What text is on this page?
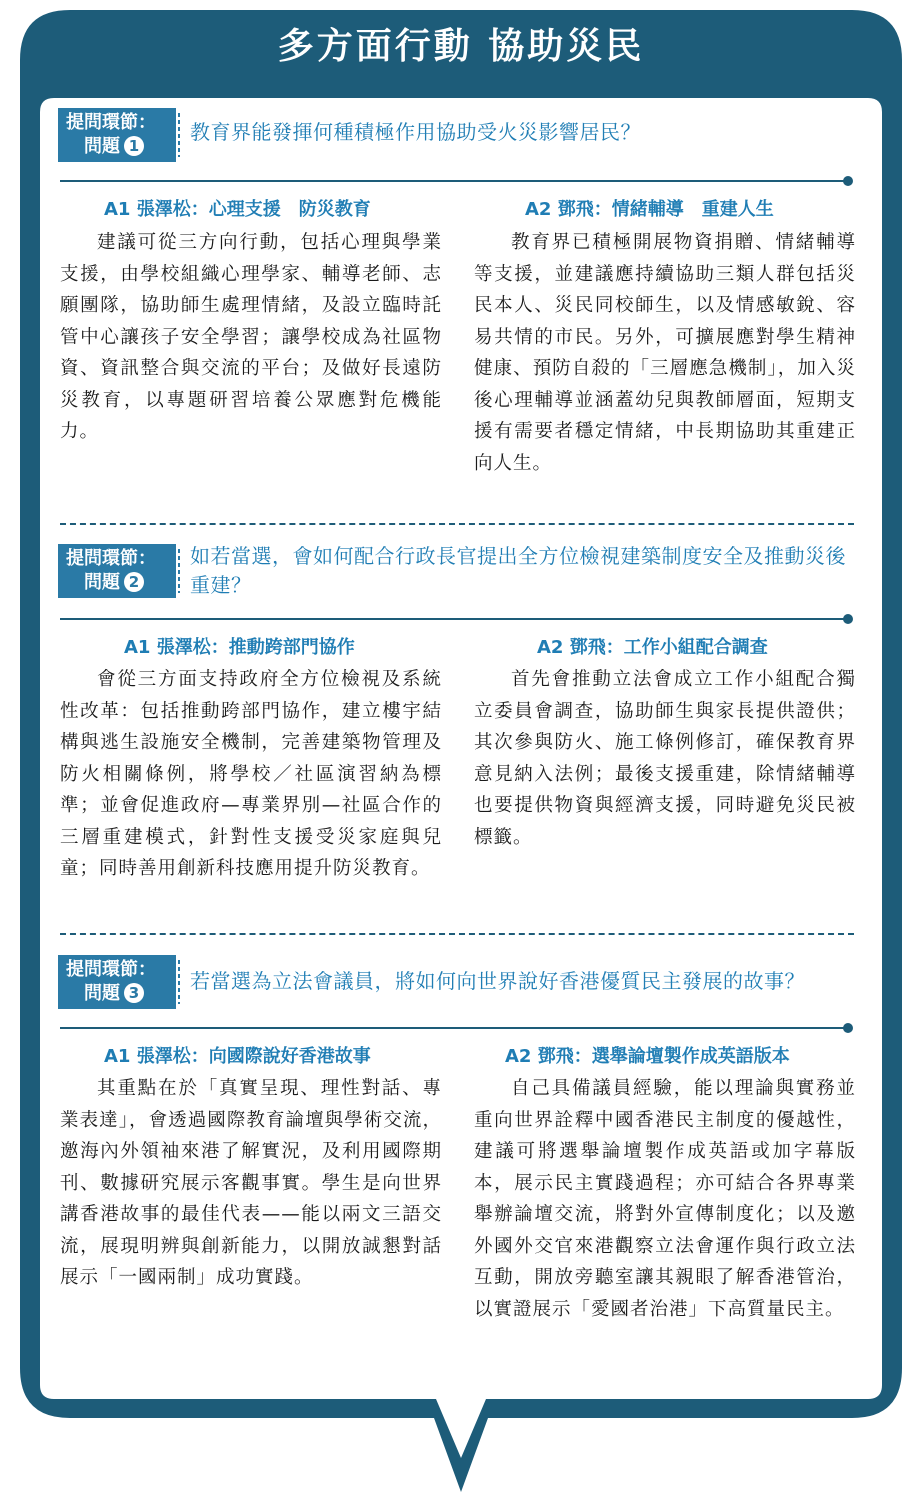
多方面行動 協助災民
提問環節：
問題 1
教育界能發揮何種積極作用協助受火災影響居民？
A1 張澤松：心理支援　防災教育	A2 鄧飛：情緒輔導　重建人生
建議可從三方向行動，包括心理與學業支援，由學校組織心理學家、輔導老師、志願團隊，協助師生處理情緒，及設立臨時託管中心讓孩子安全學習；讓學校成為社區物資、資訊整合與交流的平台；及做好長遠防災教育，以專題研習培養公眾應對危機能力。
教育界已積極開展物資捐贈、情緒輔導等支援，並建議應持續協助三類人群包括災民本人、災民同校師生，以及情感敏銳、容易共情的市民。另外，可擴展應對學生精神健康、預防自殺的「三層應急機制」，加入災後心理輔導並涵蓋幼兒與教師層面，短期支援有需要者穩定情緒，中長期協助其重建正向人生。
提問環節：
問題 2
如若當選，會如何配合行政長官提出全方位檢視建築制度安全及推動災後重建？
A1 張澤松：推動跨部門協作	A2 鄧飛：工作小組配合調查
會從三方面支持政府全方位檢視及系統性改革：包括推動跨部門協作，建立樓宇結構與逃生設施安全機制，完善建築物管理及防火相關條例，將學校／社區演習納為標準；並會促進政府—專業界別—社區合作的三層重建模式，針對性支援受災家庭與兒童；同時善用創新科技應用提升防災教育。
首先會推動立法會成立工作小組配合獨立委員會調查，協助師生與家長提供證供；其次參與防火、施工條例修訂，確保教育界意見納入法例；最後支援重建，除情緒輔導也要提供物資與經濟支援，同時避免災民被標籤。
提問環節：
問題 3	若當選為立法會議員，將如何向世界說好香港優質民主發展的故事？
A1 張澤松：向國際說好香港故事	A2 鄧飛：選舉論壇製作成英語版本
其重點在於「真實呈現、理性對話、專業表達」，會透過國際教育論壇與學術交流，邀海內外領袖來港了解實況，及利用國際期刊、數據研究展示客觀事實。學生是向世界講香港故事的最佳代表——能以兩文三語交流，展現明辨與創新能力，以開放誠懇對話展示「一國兩制」成功實踐。
自己具備議員經驗，能以理論與實務並重向世界詮釋中國香港民主制度的優越性，建議可將選舉論壇製作成英語或加字幕版本，展示民主實踐過程；亦可結合各界專業舉辦論壇交流，將對外宣傳制度化；以及邀外國外交官來港觀察立法會運作與行政立法互動，開放旁聽室讓其親眼了解香港管治，以實證展示「愛國者治港」下高質量民主。
